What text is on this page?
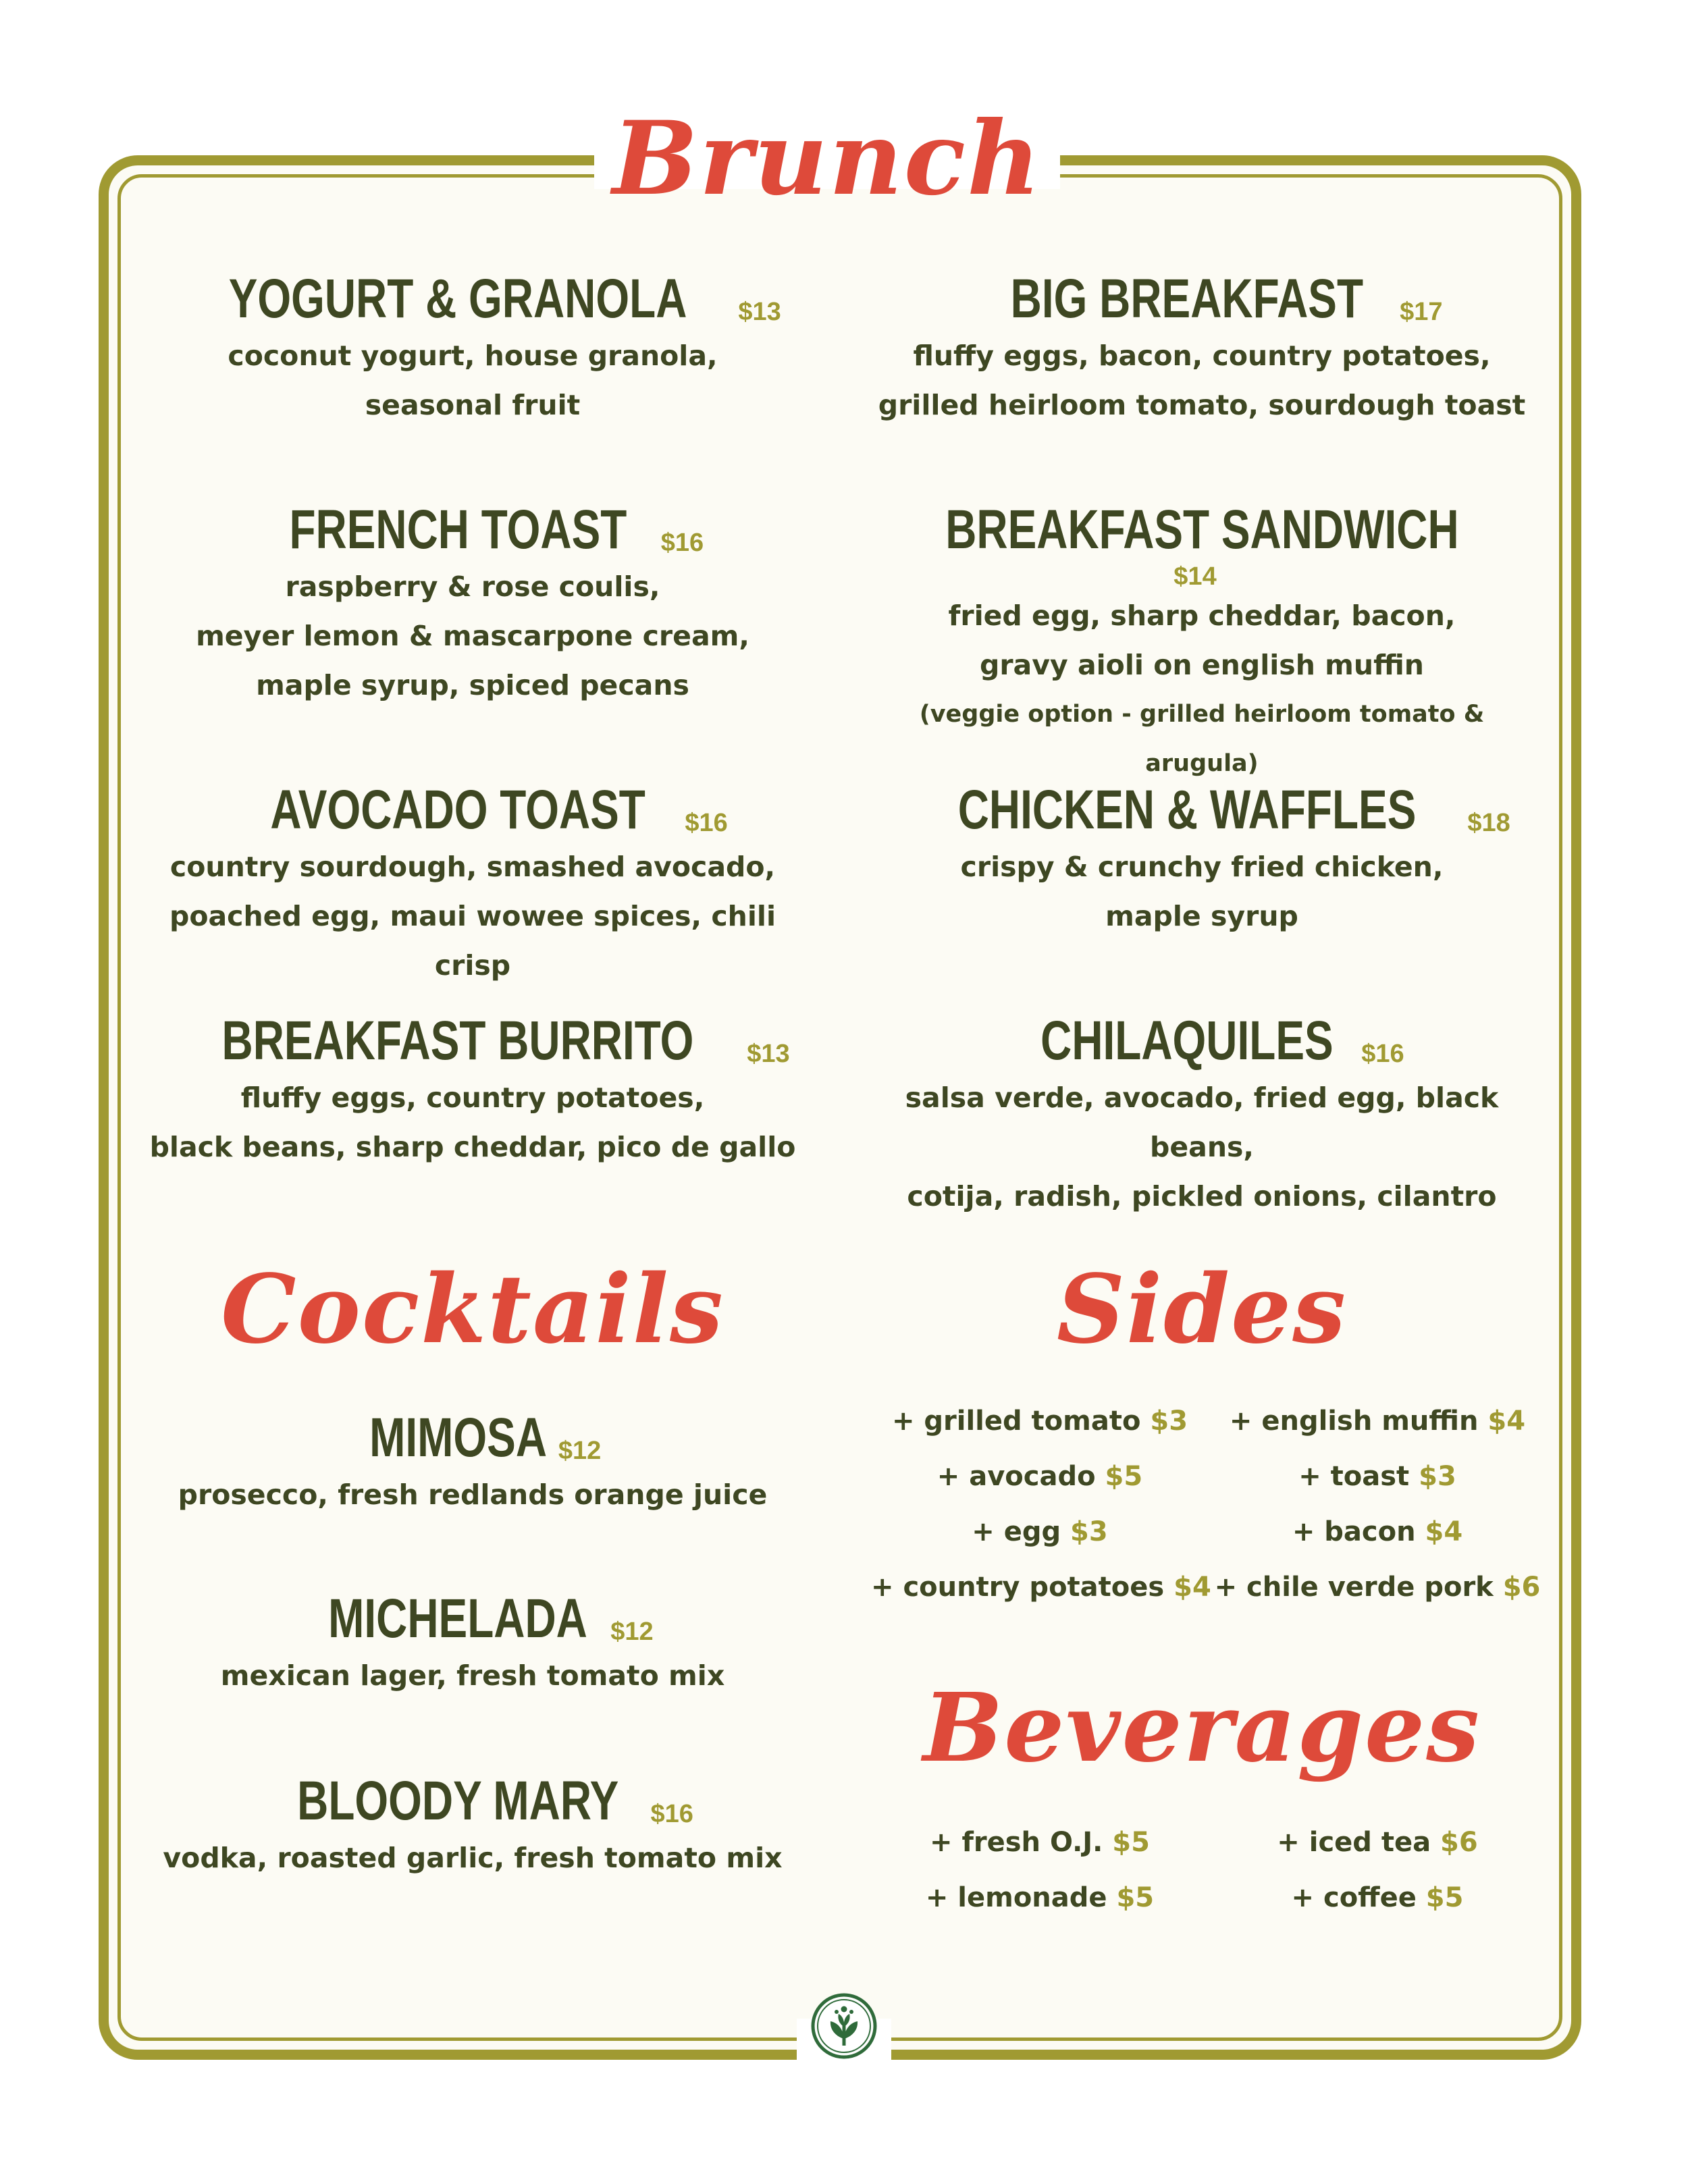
Brunch
YOGURT & GRANOLA $13
coconut yogurt, house granola,
seasonal fruit
FRENCH TOAST $16
raspberry & rose coulis,
meyer lemon & mascarpone cream,
maple syrup, spiced pecans
AVOCADO TOAST $16
country sourdough, smashed avocado,
poached egg, maui wowee spices, chili crisp
BREAKFAST BURRITO $13
fluffy eggs, country potatoes,
black beans, sharp cheddar, pico de gallo
BIG BREAKFAST $17
fluffy eggs, bacon, country potatoes,
grilled heirloom tomato, sourdough toast
BREAKFAST SANDWICH$14
fried egg, sharp cheddar, bacon,
gravy aioli on english muffin
(veggie option - grilled heirloom tomato & arugula)
CHICKEN & WAFFLES $18
crispy & crunchy fried chicken,
maple syrup
CHILAQUILES $16
salsa verde, avocado, fried egg, black beans,
cotija, radish, pickled onions, cilantro
Cocktails
MIMOSA $12
prosecco, fresh redlands orange juice
MICHELADA $12
mexican lager, fresh tomato mix
BLOODY MARY $16
vodka, roasted garlic, fresh tomato mix
Sides
+ grilled tomato $3
+ avocado $5
+ egg $3
+ country potatoes $4
+ english muffin $4
+ toast $3
+ bacon $4
+ chile verde pork $6
Beverages
+ fresh O.J. $5
+ lemonade $5
+ iced tea $6
+ coffee $5
